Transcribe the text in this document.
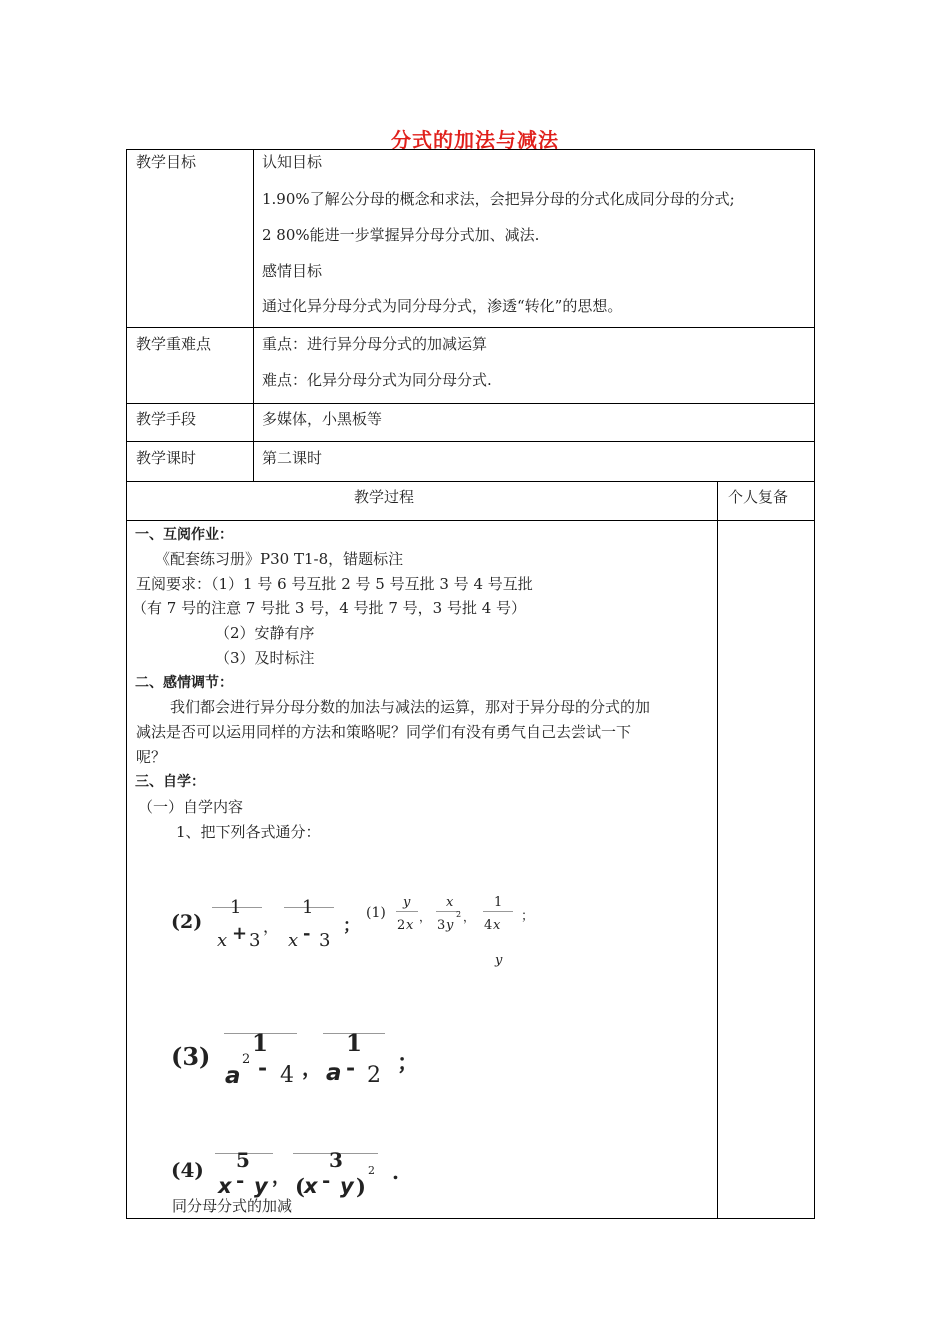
分式的加法与减法
教学目标	认知目标
1.90%了解公分母的概念和求法，会把异分母的分式化成同分母的分式;
2 80%能进一步掌握异分母分式加、减法.
感情目标
通过化异分母分式为同分母分式，渗透“转化”的思想。
教学重难点	重点：进行异分母分式的加减运算
难点：化异分母分式为同分母分式.
教学手段	多媒体，小黑板等
教学课时	第二课时
教学过程	个人复备
一、互阅作业：
《配套练习册》P30 T1-8，错题标注
互阅要求：（1）1 号 6 号互批 2 号 5 号互批 3 号 4 号互批
（有 7 号的注意 7 号批 3 号，4 号批 7 号，3 号批 4 号）
（2）安静有序
（3）及时标注
二、感情调节：
我们都会进行异分母分数的加法与减法的运算，那对于异分母的分式的加
减法是否可以运用同样的方法和策略呢？同学们有没有勇气自己去尝试一下
呢？
三、自学：
（一）自学内容
1、把下列各式通分：
(2)
1
x + 3
，
1
x - 3
；
(1)
y
2 x
，
x
3 y
2 ，
1
4 x
；
y
(3) 1
a
2 - 4 ，
1
a - 2 ；
(4) 5
x - y ，
3
( x - y )
2 .
同分母分式的加减
